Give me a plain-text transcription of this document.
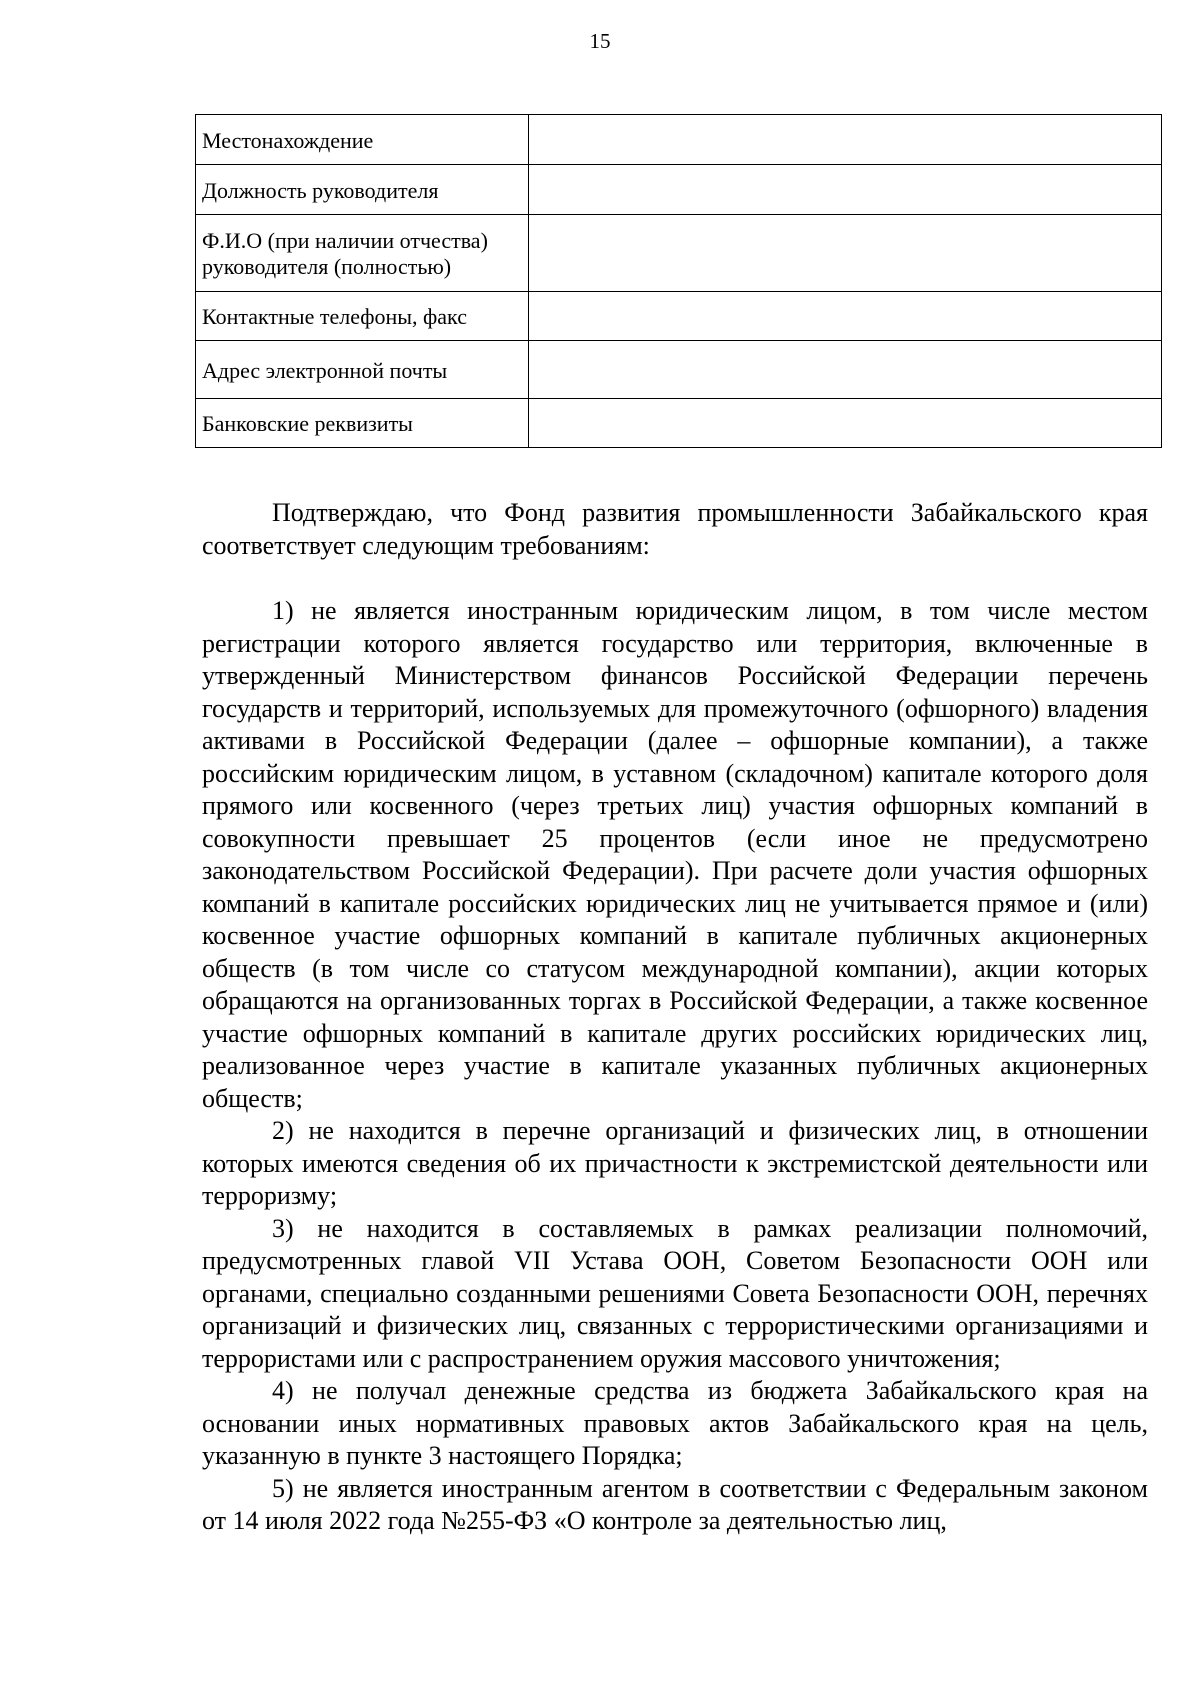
15
Местонахождение	
Должность руководителя	
Ф.И.О (при наличии отчества) руководителя (полностью)	
Контактные телефоны, факс	
Адрес электронной почты	
Банковские реквизиты	

Подтверждаю, что Фонд развития промышленности Забайкальского края соответствует следующим требованиям:

1) не является иностранным юридическим лицом, в том числе местом регистрации которого является государство или территория, включенные в утвержденный Министерством финансов Российской Федерации перечень государств и территорий, используемых для промежуточного (офшорного) владения активами в Российской Федерации (далее – офшорные компании), а также российским юридическим лицом, в уставном (складочном) капитале которого доля прямого или косвенного (через третьих лиц) участия офшорных компаний в совокупности превышает 25 процентов (если иное не предусмотрено законодательством Российской Федерации). При расчете доли участия офшорных компаний в капитале российских юридических лиц не учитывается прямое и (или) косвенное участие офшорных компаний в капитале публичных акционерных обществ (в том числе со статусом международной компании), акции которых обращаются на организованных торгах в Российской Федерации, а также косвенное участие офшорных компаний в капитале других российских юридических лиц, реализованное через участие в капитале указанных публичных акционерных обществ;

2) не находится в перечне организаций и физических лиц, в отношении которых имеются сведения об их причастности к экстремистской деятельности или терроризму;

3) не находится в составляемых в рамках реализации полномочий, предусмотренных главой VII Устава ООН, Советом Безопасности ООН или органами, специально созданными решениями Совета Безопасности ООН, перечнях организаций и физических лиц, связанных с террористическими организациями и террористами или с распространением оружия массового уничтожения;

4) не получал денежные средства из бюджета Забайкальского края на основании иных нормативных правовых актов Забайкальского края на цель, указанную в пункте 3 настоящего Порядка;

5) не является иностранным агентом в соответствии с Федеральным законом от 14 июля 2022 года №255-ФЗ «О контроле за деятельностью лиц,
